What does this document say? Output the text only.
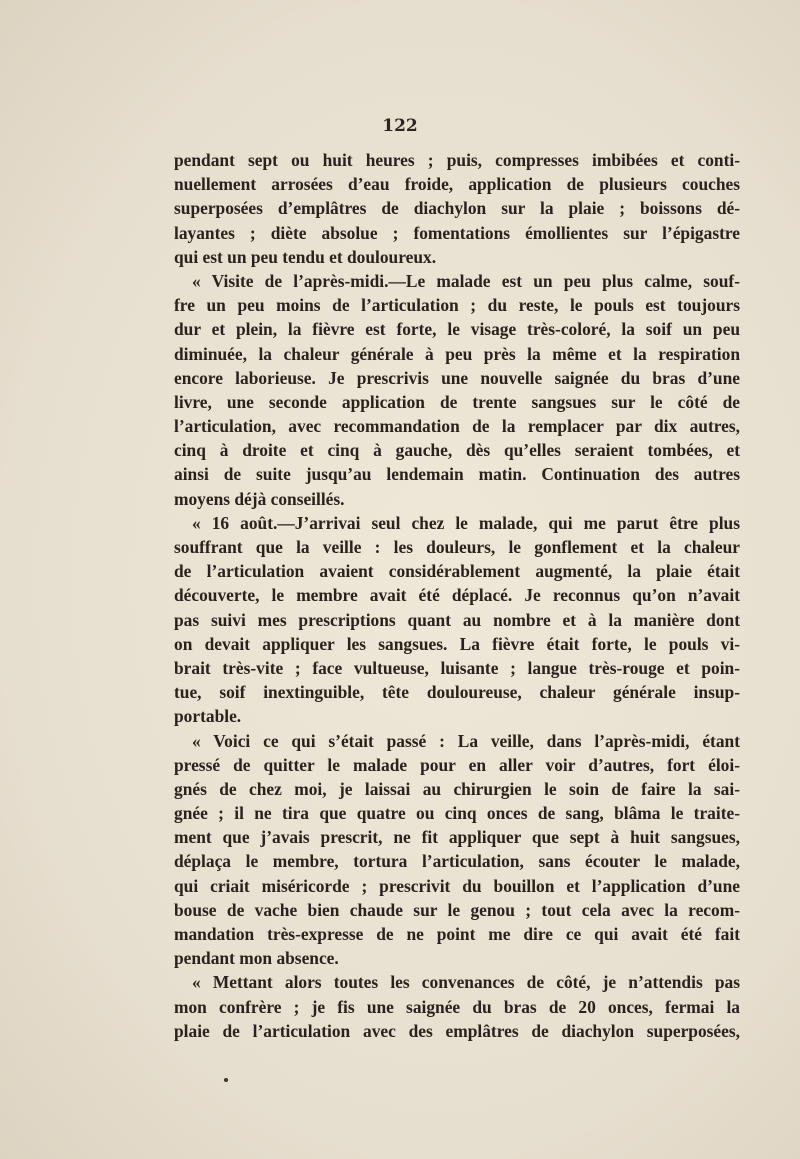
122
pendant sept ou huit heures ; puis, compresses imbibées et conti-
nuellement arrosées d’eau froide, application de plusieurs couches
superposées d’emplâtres de diachylon sur la plaie ; boissons dé-
layantes ; diète absolue ; fomentations émollientes sur l’épigastre
qui est un peu tendu et douloureux.
« Visite de l’après-midi.—Le malade est un peu plus calme, souf-
fre un peu moins de l’articulation ; du reste, le pouls est toujours
dur et plein, la fièvre est forte, le visage très-coloré, la soif un peu
diminuée, la chaleur générale à peu près la même et la respiration
encore laborieuse. Je prescrivis une nouvelle saignée du bras d’une
livre, une seconde application de trente sangsues sur le côté de
l’articulation, avec recommandation de la remplacer par dix autres,
cinq à droite et cinq à gauche, dès qu’elles seraient tombées, et
ainsi de suite jusqu’au lendemain matin. Continuation des autres
moyens déjà conseillés.
« 16 août.—J’arrivai seul chez le malade, qui me parut être plus
souffrant que la veille : les douleurs, le gonflement et la chaleur
de l’articulation avaient considérablement augmenté, la plaie était
découverte, le membre avait été déplacé. Je reconnus qu’on n’avait
pas suivi mes prescriptions quant au nombre et à la manière dont
on devait appliquer les sangsues. La fièvre était forte, le pouls vi-
brait très-vite ; face vultueuse, luisante ; langue très-rouge et poin-
tue, soif inextinguible, tête douloureuse, chaleur générale insup-
portable.
« Voici ce qui s’était passé : La veille, dans l’après-midi, étant
pressé de quitter le malade pour en aller voir d’autres, fort éloi-
gnés de chez moi, je laissai au chirurgien le soin de faire la sai-
gnée ; il ne tira que quatre ou cinq onces de sang, blâma le traite-
ment que j’avais prescrit, ne fit appliquer que sept à huit sangsues,
déplaça le membre, tortura l’articulation, sans écouter le malade,
qui criait miséricorde ; prescrivit du bouillon et l’application d’une
bouse de vache bien chaude sur le genou ; tout cela avec la recom-
mandation très-expresse de ne point me dire ce qui avait été fait
pendant mon absence.
« Mettant alors toutes les convenances de côté, je n’attendis pas
mon confrère ; je fis une saignée du bras de 20 onces, fermai la
plaie de l’articulation avec des emplâtres de diachylon superposées,
